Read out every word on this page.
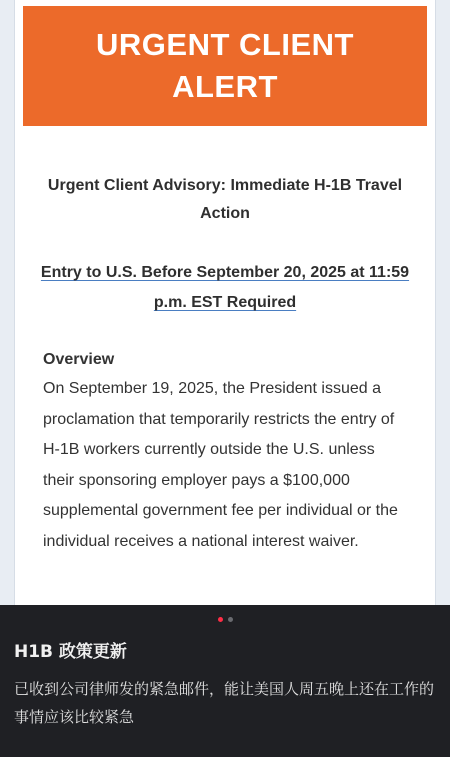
URGENT CLIENT ALERT
Urgent Client Advisory: Immediate H-1B Travel Action
Entry to U.S. Before September 20, 2025 at 11:59 p.m. EST Required
Overview
On September 19, 2025, the President issued a proclamation that temporarily restricts the entry of H-1B workers currently outside the U.S. unless their sponsoring employer pays a $100,000 supplemental government fee per individual or the individual receives a national interest waiver.
H1B 政策更新
已收到公司律师发的紧急邮件，能让美国人周五晚上还在工作的事情应该比较紧急
